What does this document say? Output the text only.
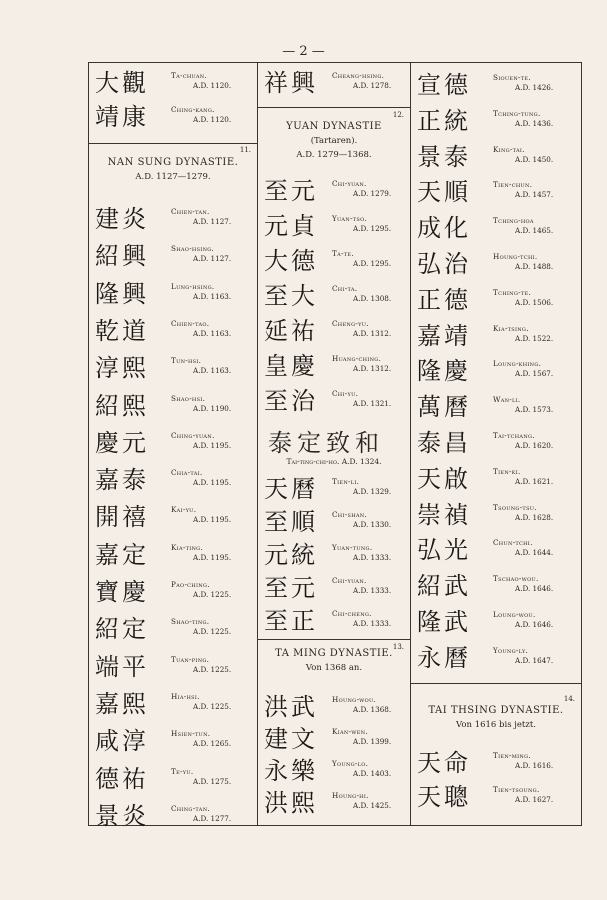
— 2 —
大觀	Ta-chuan.
A.D. 1120.
靖康	Ching-kang.
A.D. 1120.
11.
NAN SUNG DYNASTIE.
A.D. 1127—1279.
建炎	Chien-tan.
A.D. 1127.
紹興	Shao-hsing.
A.D. 1127.
隆興	Lung-hsing.
A.D. 1163.
乾道	Chien-tao.
A.D. 1163.
淳熙	Tun-hsi.
A.D. 1163.
紹熙	Shao-hsi.
A.D. 1190.
慶元	Ching-yuan.
A.D. 1195.
嘉泰	Chia-tai.
A.D. 1195.
開禧	Kai-yu.
A.D. 1195.
嘉定	Kia-ting.
A.D. 1195.
寶慶	Pao-ching.
A.D. 1225.
紹定	Shao-ting.
A.D. 1225.
端平	Tuan-ping.
A.D. 1225.
嘉熙	Hia-hsi.
A.D. 1225.
咸淳	Hsien-tun.
A.D. 1265.
德祐	Te-yu.
A.D. 1275.
景炎	Ching-tan.
A.D. 1277.
祥興	Cheang-hsing.
A.D. 1278.
12.
YUAN DYNASTIE
(Tartaren).
A.D. 1279—1368.
至元	Chi-yuan.
A.D. 1279.
元貞	Yuan-tso.
A.D. 1295.
大德	Ta-te.
A.D. 1295.
至大	Chi-ta.
A.D. 1308.
延祐	Cheng-yu.
A.D. 1312.
皇慶	Huang-ching.
A.D. 1312.
至治	Chi-yu.
A.D. 1321.
泰定致和
Tai-ting-chi-ho. A.D. 1324.
天曆	Tien-li.
A.D. 1329.
至順	Chi-shan.
A.D. 1330.
元統	Yuan-tung.
A.D. 1333.
至元	Chi-yuan.
A.D. 1333.
至正	Chi-cheng.
A.D. 1333.
13.
TA MING DYNASTIE.
Von 1368 an.
洪武	Houng-wou.
A.D. 1368.
建文	Kian-wen.
A.D. 1399.
永樂	Young-lo.
A.D. 1403.
洪熙	Houng-hi.
A.D. 1425.
宣德	Siouen-te.
A.D. 1426.
正統	Tching-tung.
A.D. 1436.
景泰	King-tai.
A.D. 1450.
天順	Tien-chun.
A.D. 1457.
成化	Tching-hoa
A.D. 1465.
弘治	Houng-tchi.
A.D. 1488.
正德	Tching-te.
A.D. 1506.
嘉靖	Kia-tsing.
A.D. 1522.
隆慶	Loung-khing.
A.D. 1567.
萬曆	Wan-li.
A.D. 1573.
泰昌	Tai-tchang.
A.D. 1620.
天啟	Tien-ki.
A.D. 1621.
崇禎	Tsoung-tsu.
A.D. 1628.
弘光	Chun-tchi.
A.D. 1644.
紹武	Tschao-wou.
A.D. 1646.
隆武	Loung-wou.
A.D. 1646.
永曆	Young-ly.
A.D. 1647.
14.
TAI THSING DYNASTIE.
Von 1616 bis jetzt.
天命	Tien-ming.
A.D. 1616.
天聰	Tien-tsoung.
A.D. 1627.
